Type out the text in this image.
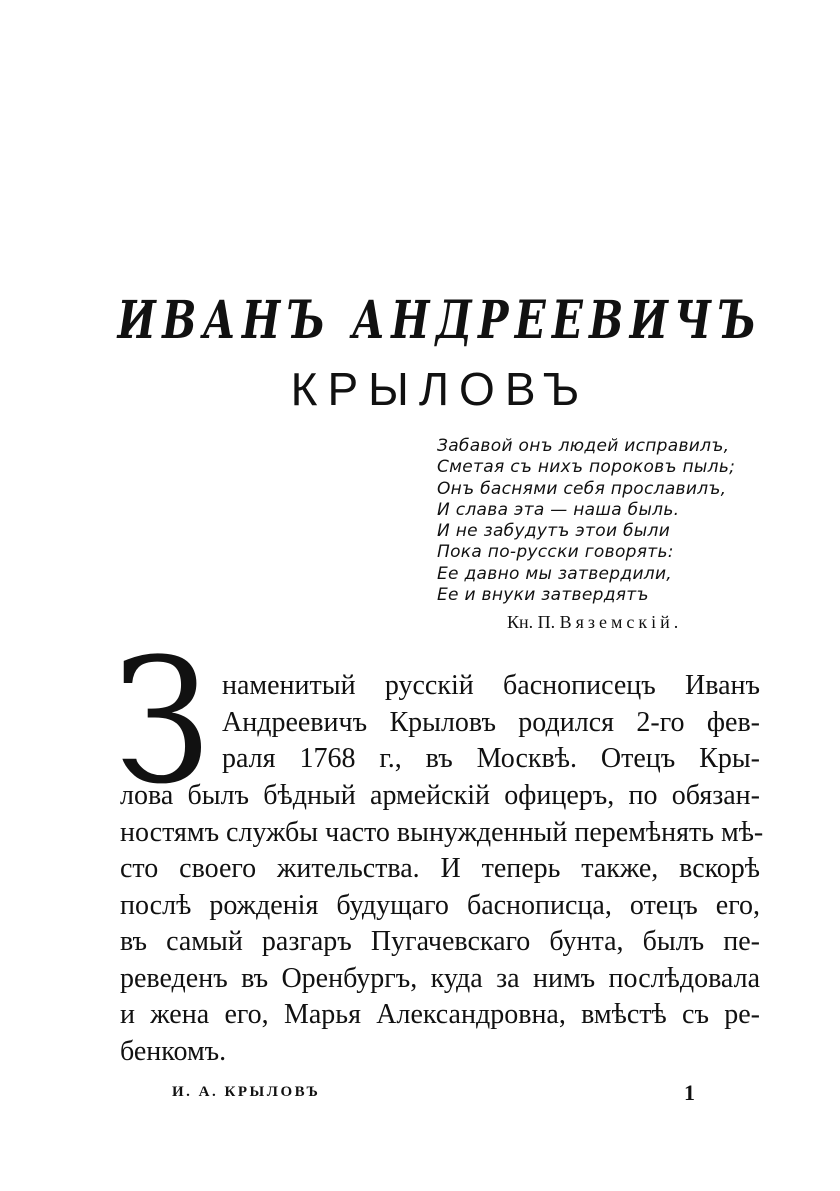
ИВАНЪ АНДРЕЕВИЧЪ
КРЫЛОВЪ
Забавой онъ людей исправилъ,
Сметая съ нихъ пороковъ пыль;
Онъ баснями себя прославилъ,
И слава эта — наша быль.
И не забудутъ этои были
Пока по-русски говорять:
Ее давно мы затвердили,
Ее и внуки затвердятъ
Кн. П. Вяземскій.
З наменитый русскій баснописецъ Иванъ
Андреевичъ Крыловъ родился 2-го фев-
раля 1768 г., въ Москвѣ. Отецъ Кры-
лова былъ бѣдный армейскій офицеръ, по обязан-
ностямъ службы часто вынужденный перемѣнять мѣ-
сто своего жительства. И теперь также, вскорѣ
послѣ рожденія будущаго баснописца, отецъ его,
въ самый разгаръ Пугачевскаго бунта, былъ пе-
реведенъ въ Оренбургъ, куда за нимъ послѣдовала
и жена его, Марья Александровна, вмѣстѣ съ ре-
бенкомъ.
И. А. КРЫЛОВЪ	1
